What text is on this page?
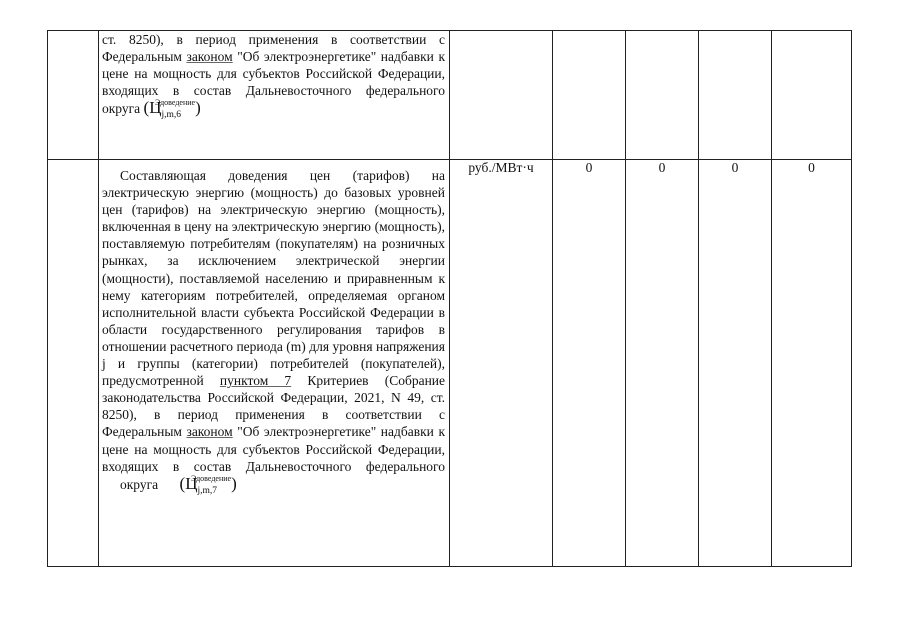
	ст. 8250), в период применения в соответствии с Федеральным законом "Об электроэнергетике" надбавки к цене на мощность для субъектов Российской Федерации, входящих в состав Дальневосточного федерального
округа $(Ц_{j,m,6}^{Эдоведение})$					

	Составляющая доведения цен (тарифов) на электрическую энергию (мощность) до базовых уровней цен (тарифов) на электрическую энергию (мощность), включенная в цену на электрическую энергию (мощность), поставляемую потребителям (покупателям) на розничных рынках, за исключением электрической энергии (мощности), поставляемой населению и приравненным к нему категориям потребителей, определяемая органом исполнительной власти субъекта Российской Федерации в области государственного регулирования тарифов в отношении расчетного периода (m) для уровня напряжения j и группы (категории) потребителей (покупателей), предусмотренной пунктом 7 Критериев (Собрание законодательства Российской Федерации, 2021, N 49, ст. 8250), в период применения в соответствии с Федеральным законом "Об электроэнергетике" надбавки к цене на мощность для субъектов Российской Федерации, входящих в состав Дальневосточного федерального
округа $(Ц_{j,m,7}^{Эдоведение})$	руб./МВт·ч	0	0	0	0
